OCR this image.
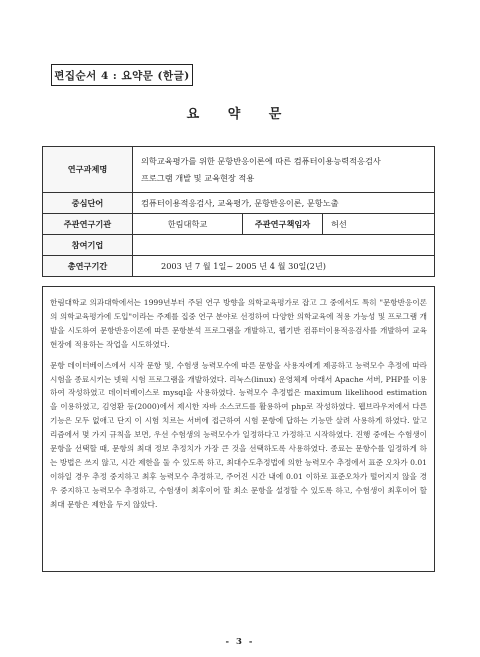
편집순서 4 : 요약문 (한글)
요 약 문
연구과제명	의학교육평가를 위한 문항반응이론에 따른 컴퓨터이용능력적응검사
프로그램 개발 및 교육현장 적용		

중심단어	컴퓨터이용적응검사, 교육평가, 문항반응이론, 문항노출		
주관연구기관	한림대학교	주관연구책임자	허선
참여기업			
총연구기간	2003 년 7 월 1일~ 2005 년 4 월 30일(2년)		

한림대학교 의과대학에서는 1999년부터 주된 연구 방향을 의학교육평가로 잡고 그 중에서도 특히 "문항반응이론의 의학교육평가에 도입"이라는 주제를 집중 연구 분야로 선정하여 다양한 의학교육에 적용 가능성 및 프로그램 개발을 시도하여 문항반응이론에 따른 문항분석 프로그램을 개발하고, 웹기반 컴퓨터이용적응검사를 개발하여 교육현장에 적용하는 작업을 시도하였다.

문항 데이터베이스에서 시작 문항 및, 수험생 능력모수에 따른 문항을 사용자에게 제공하고 능력모수 추정에 따라 시험을 종료시키는 넷웍 시험 프로그램을 개발하였다. 리눅스(linux) 운영체제 아래서 Apache 서버, PHP를 이용하여 작성하였고 데이터베이스로 mysql을 사용하였다. 능력모수 추정법은 maximum likelihood estimation 을 이용하였고, 김영환 등(2000)에서 제시한 자바 소스코드를 활용하여 php로 작성하였다. 웹브라우저에서 다른 기능은 모두 없애고 단지 이 시험 치르는 서버에 접근하여 시험 문항에 답하는 기능만 살려 사용하게 하였다. 알고리즘에서 몇 가지 규칙을 보면, 우선 수험생의 능력모수가 일정하다고 가정하고 시작하였다. 진행 중에는 수험생이 문항을 선택할 때, 문항의 최대 정보 추정치가 가장 큰 것을 선택하도록 사용하였다. 종료는 문항수를 일정하게 하는 방법은 쓰지 않고, 시간 제한을 둘 수 있도록 하고, 최대수도추정법에 의한 능력모수 추정에서 표준 오차가 0.01 이하일 경우 추정 중지하고 최후 능력모수 추정하고, 주어진 시간 내에 0.01 이하로 표준오차가 떨어지지 않을 경우 중지하고 능력모수 추정하고, 수험생이 최후이어 할 최소 문항을 설정할 수 있도록 하고, 수험생이 최후이어 할 최대 문항은 제한을 두지 않았다.

- 3 -
